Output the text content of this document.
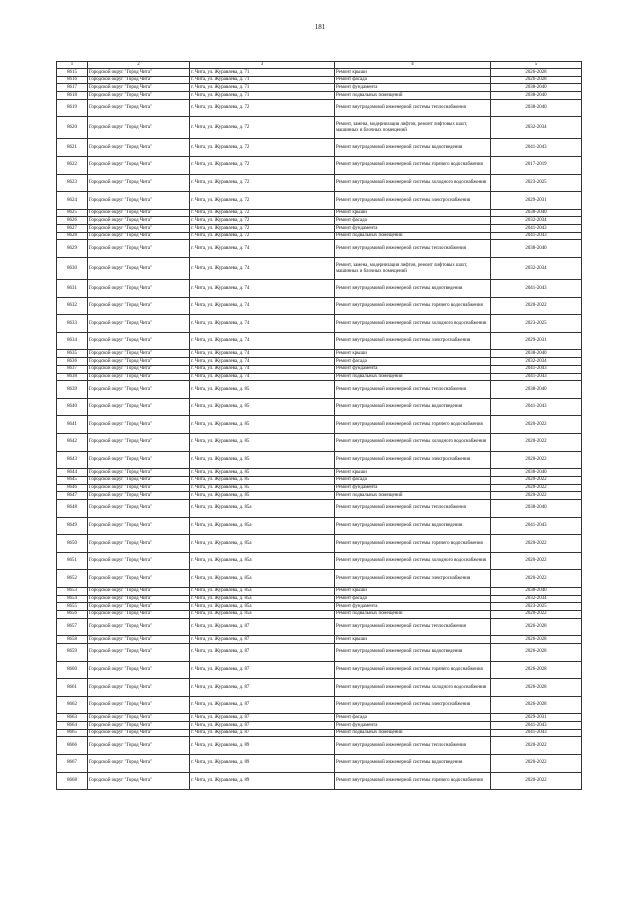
181
1	2	3	4	5
8615	Городской округ "Город Чита"	г. Чита, ул. Журавлева, д. 71	Ремонт крыши	2026-2028
8616	Городской округ "Город Чита"	г. Чита, ул. Журавлева, д. 71	Ремонт фасада	2026-2028
8617	Городской округ "Город Чита"	г. Чита, ул. Журавлева, д. 71	Ремонт фундамента	2038-2040
8618	Городской округ "Город Чита"	г. Чита, ул. Журавлева, д. 71	Ремонт подвальных помещений	2038-2040
8619	Городской округ "Город Чита"	г. Чита, ул. Журавлева, д. 72	Ремонт внутридомовой инженерной системы теплоснабжения	2038-2040
8620	Городской округ "Город Чита"	г. Чита, ул. Журавлева, д. 72	Ремонт, замена, модернизация лифтов, ремонт лифтовых шахт, машинных и блочных помещений	2032-2034
8621	Городской округ "Город Чита"	г. Чита, ул. Журавлева, д. 72	Ремонт внутридомовой инженерной системы водоотведения	2041-2043
8622	Городской округ "Город Чита"	г. Чита, ул. Журавлева, д. 72	Ремонт внутридомовой инженерной системы горячего водоснабжения	2017-2019
8623	Городской округ "Город Чита"	г. Чита, ул. Журавлева, д. 72	Ремонт внутридомовой инженерной системы холодного водоснабжения	2023-2025
8624	Городской округ "Город Чита"	г. Чита, ул. Журавлева, д. 72	Ремонт внутридомовой инженерной системы электроснабжения	2029-2031
8625	Городской округ "Город Чита"	г. Чита, ул. Журавлева, д. 72	Ремонт крыши	2038-2040
8626	Городской округ "Город Чита"	г. Чита, ул. Журавлева, д. 72	Ремонт фасада	2032-2034
8627	Городской округ "Город Чита"	г. Чита, ул. Журавлева, д. 72	Ремонт фундамента	2041-2043
8628	Городской округ "Город Чита"	г. Чита, ул. Журавлева, д. 72	Ремонт подвальных помещений	2041-2043
8629	Городской округ "Город Чита"	г. Чита, ул. Журавлева, д. 74	Ремонт внутридомовой инженерной системы теплоснабжения	2038-2040
8630	Городской округ "Город Чита"	г. Чита, ул. Журавлева, д. 74	Ремонт, замена, модернизация лифтов, ремонт лифтовых шахт, машинных и блочных помещений	2032-2034
8631	Городской округ "Город Чита"	г. Чита, ул. Журавлева, д. 74	Ремонт внутридомовой инженерной системы водоотведения	2041-2043
8632	Городской округ "Город Чита"	г. Чита, ул. Журавлева, д. 74	Ремонт внутридомовой инженерной системы горячего водоснабжения	2020-2022
8633	Городской округ "Город Чита"	г. Чита, ул. Журавлева, д. 74	Ремонт внутридомовой инженерной системы холодного водоснабжения	2023-2025
8634	Городской округ "Город Чита"	г. Чита, ул. Журавлева, д. 74	Ремонт внутридомовой инженерной системы электроснабжения	2029-2031
8635	Городской округ "Город Чита"	г. Чита, ул. Журавлева, д. 74	Ремонт крыши	2038-2040
8636	Городской округ "Город Чита"	г. Чита, ул. Журавлева, д. 74	Ремонт фасада	2032-2034
8637	Городской округ "Город Чита"	г. Чита, ул. Журавлева, д. 74	Ремонт фундамента	2041-2043
8638	Городской округ "Город Чита"	г. Чита, ул. Журавлева, д. 74	Ремонт подвальных помещений	2041-2043
8639	Городской округ "Город Чита"	г. Чита, ул. Журавлева, д. 85	Ремонт внутридомовой инженерной системы теплоснабжения	2038-2040
8640	Городской округ "Город Чита"	г. Чита, ул. Журавлева, д. 85	Ремонт внутридомовой инженерной системы водоотведения	2041-2043
8641	Городской округ "Город Чита"	г. Чита, ул. Журавлева, д. 85	Ремонт внутридомовой инженерной системы горячего водоснабжения	2020-2022
8642	Городской округ "Город Чита"	г. Чита, ул. Журавлева, д. 85	Ремонт внутридомовой инженерной системы холодного водоснабжения	2020-2022
8643	Городской округ "Город Чита"	г. Чита, ул. Журавлева, д. 85	Ремонт внутридомовой инженерной системы электроснабжения	2020-2022
8644	Городской округ "Город Чита"	г. Чита, ул. Журавлева, д. 85	Ремонт крыши	2038-2040
8645	Городской округ "Город Чита"	г. Чита, ул. Журавлева, д. 85	Ремонт фасада	2020-2022
8646	Городской округ "Город Чита"	г. Чита, ул. Журавлева, д. 85	Ремонт фундамента	2020-2022
8647	Городской округ "Город Чита"	г. Чита, ул. Журавлева, д. 85	Ремонт подвальных помещений	2020-2022
8648	Городской округ "Город Чита"	г. Чита, ул. Журавлева, д. 85а	Ремонт внутридомовой инженерной системы теплоснабжения	2038-2040
8649	Городской округ "Город Чита"	г. Чита, ул. Журавлева, д. 85а	Ремонт внутридомовой инженерной системы водоотведения	2041-2043
8650	Городской округ "Город Чита"	г. Чита, ул. Журавлева, д. 85а	Ремонт внутридомовой инженерной системы горячего водоснабжения	2020-2022
8651	Городской округ "Город Чита"	г. Чита, ул. Журавлева, д. 85а	Ремонт внутридомовой инженерной системы холодного водоснабжения	2020-2022
8652	Городской округ "Город Чита"	г. Чита, ул. Журавлева, д. 85а	Ремонт внутридомовой инженерной системы электроснабжения	2020-2022
8653	Городской округ "Город Чита"	г. Чита, ул. Журавлева, д. 85а	Ремонт крыши	2038-2040
8654	Городской округ "Город Чита"	г. Чита, ул. Журавлева, д. 85а	Ремонт фасада	2032-2034
8655	Городской округ "Город Чита"	г. Чита, ул. Журавлева, д. 85а	Ремонт фундамента	2023-2025
8656	Городской округ "Город Чита"	г. Чита, ул. Журавлева, д. 85а	Ремонт подвальных помещений	2020-2022
8657	Городской округ "Город Чита"	г. Чита, ул. Журавлева, д. 87	Ремонт внутридомовой инженерной системы теплоснабжения	2026-2028
8658	Городской округ "Город Чита"	г. Чита, ул. Журавлева, д. 87	Ремонт крыши	2026-2028
8659	Городской округ "Город Чита"	г. Чита, ул. Журавлева, д. 87	Ремонт внутридомовой инженерной системы водоотведения	2026-2028
8660	Городской округ "Город Чита"	г. Чита, ул. Журавлева, д. 87	Ремонт внутридомовой инженерной системы горячего водоснабжения	2026-2028
8661	Городской округ "Город Чита"	г. Чита, ул. Журавлева, д. 87	Ремонт внутридомовой инженерной системы холодного водоснабжения	2026-2028
8662	Городской округ "Город Чита"	г. Чита, ул. Журавлева, д. 87	Ремонт внутридомовой инженерной системы электроснабжения	2026-2028
8663	Городской округ "Город Чита"	г. Чита, ул. Журавлева, д. 87	Ремонт фасада	2029-2031
8664	Городской округ "Город Чита"	г. Чита, ул. Журавлева, д. 87	Ремонт фундамента	2041-2043
8665	Городской округ "Город Чита"	г. Чита, ул. Журавлева, д. 87	Ремонт подвальных помещений	2041-2043
8666	Городской округ "Город Чита"	г. Чита, ул. Журавлева, д. 89	Ремонт внутридомовой инженерной системы теплоснабжения	2020-2022
8667	Городской округ "Город Чита"	г. Чита, ул. Журавлева, д. 89	Ремонт внутридомовой инженерной системы водоотведения	2020-2022
8668	Городской округ "Город Чита"	г. Чита, ул. Журавлева, д. 89	Ремонт внутридомовой инженерной системы горячего водоснабжения	2020-2022
